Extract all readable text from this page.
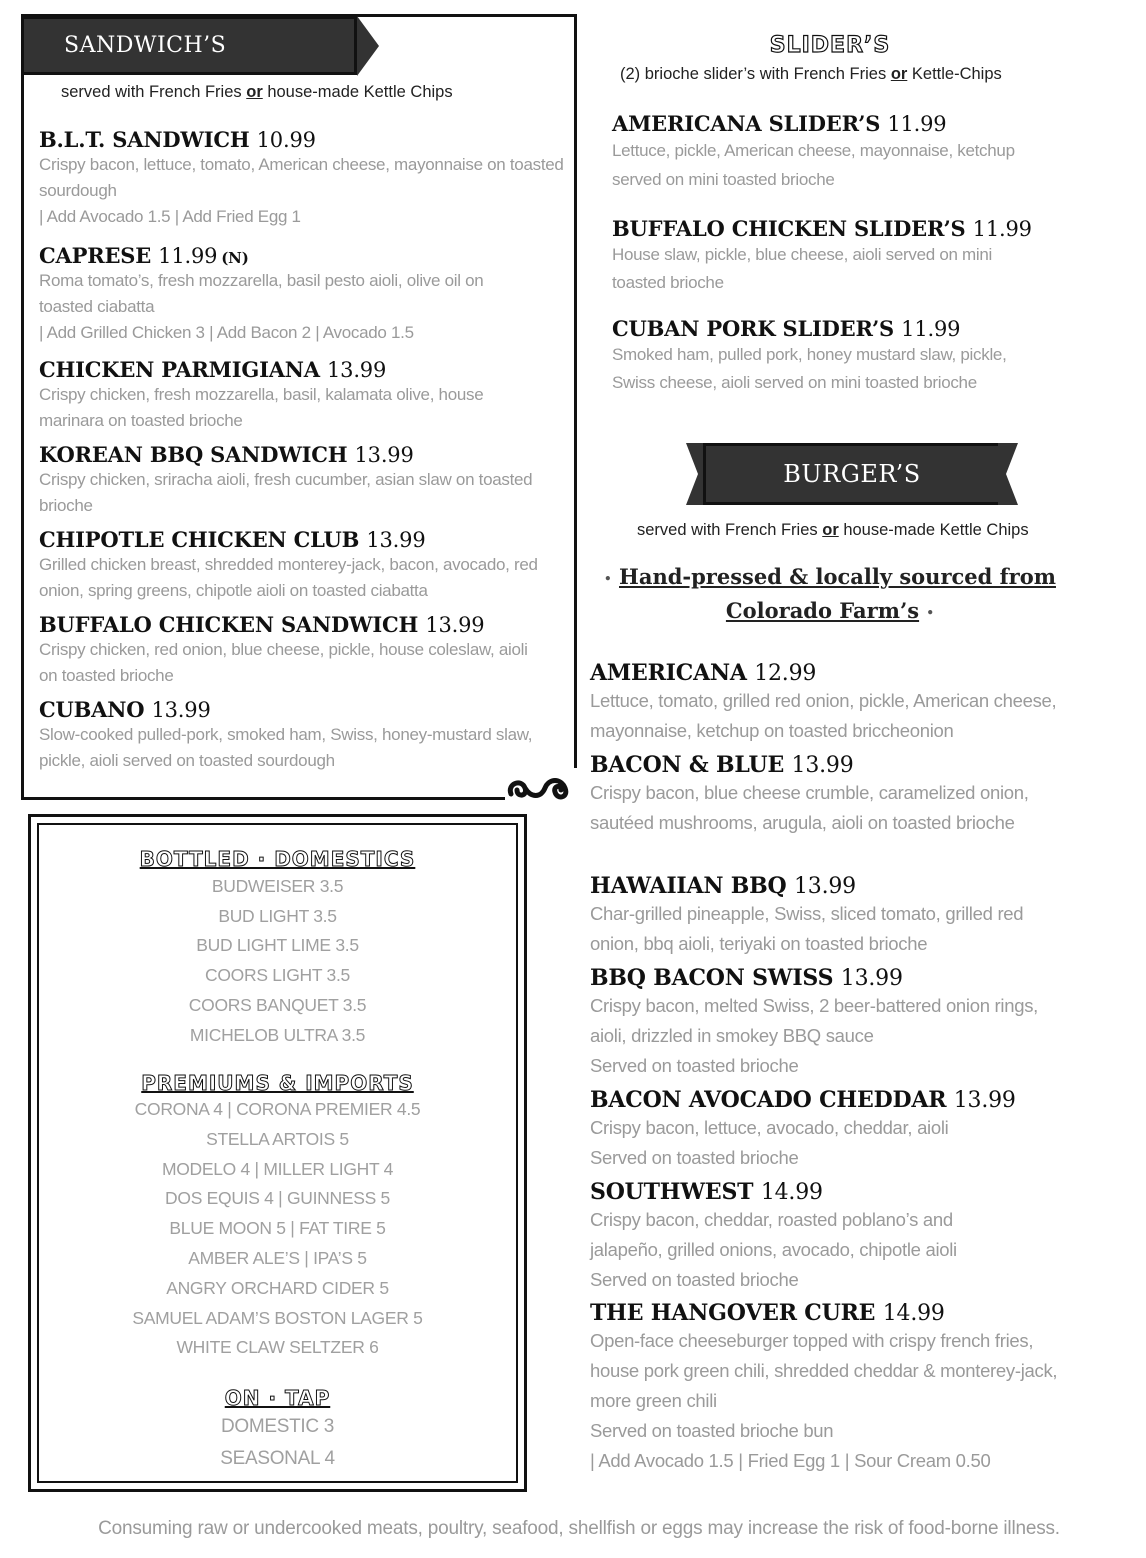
SANDWICH’S
served with French Fries or house-made Kettle Chips
B.L.T. SANDWICH 10.99
Crispy bacon, lettuce, tomato, American cheese, mayonnaise on toasted sourdough
| Add Avocado 1.5 | Add Fried Egg 1
CAPRESE 11.99 (N)
Roma tomato’s, fresh mozzarella, basil pesto aioli, olive oil on toasted ciabatta
| Add Grilled Chicken 3 | Add Bacon 2 | Avocado 1.5
CHICKEN PARMIGIANA 13.99
Crispy chicken, fresh mozzarella, basil, kalamata olive, house marinara on toasted brioche
KOREAN BBQ SANDWICH 13.99
Crispy chicken, sriracha aioli, fresh cucumber, asian slaw on toasted brioche
CHIPOTLE CHICKEN CLUB 13.99
Grilled chicken breast, shredded monterey-jack, bacon, avocado, red onion, spring greens, chipotle aioli on toasted ciabatta
BUFFALO CHICKEN SANDWICH 13.99
Crispy chicken, red onion, blue cheese, pickle, house coleslaw, aioli on toasted brioche
CUBANO 13.99
Slow-cooked pulled-pork, smoked ham, Swiss, honey-mustard slaw, pickle, aioli served on toasted sourdough
BOTTLED · DOMESTICS
BUDWEISER 3.5
BUD LIGHT 3.5
BUD LIGHT LIME 3.5
COORS LIGHT 3.5
COORS BANQUET 3.5
MICHELOB ULTRA 3.5
PREMIUMS & IMPORTS
CORONA 4 | CORONA PREMIER 4.5
STELLA ARTOIS 5
MODELO 4 | MILLER LIGHT 4
DOS EQUIS 4 | GUINNESS 5
BLUE MOON 5 | FAT TIRE 5
AMBER ALE’S | IPA’S 5
ANGRY ORCHARD CIDER 5
SAMUEL ADAM’S BOSTON LAGER 5
WHITE CLAW SELTZER 6
ON · TAP
DOMESTIC 3
SEASONAL 4
SLIDER’S
(2) brioche slider’s with French Fries or Kettle-Chips
AMERICANA SLIDER’S 11.99
Lettuce, pickle, American cheese, mayonnaise, ketchup served on mini toasted brioche
BUFFALO CHICKEN SLIDER’S 11.99
House slaw, pickle, blue cheese, aioli served on mini toasted brioche
CUBAN PORK SLIDER’S 11.99
Smoked ham, pulled pork, honey mustard slaw, pickle, Swiss cheese, aioli served on mini toasted brioche
BURGER’S
served with French Fries or house-made Kettle Chips
• Hand-pressed & locally sourced from
Colorado Farm’s •
AMERICANA 12.99
Lettuce, tomato, grilled red onion, pickle, American cheese, mayonnaise, ketchup on toasted briccheonion
BACON & BLUE 13.99
Crispy bacon, blue cheese crumble, caramelized onion, sautéed mushrooms, arugula, aioli on toasted brioche
HAWAIIAN BBQ 13.99
Char-grilled pineapple, Swiss, sliced tomato, grilled red onion, bbq aioli, teriyaki on toasted brioche
BBQ BACON SWISS 13.99
Crispy bacon, melted Swiss, 2 beer-battered onion rings, aioli, drizzled in smokey BBQ sauce
Served on toasted brioche
BACON AVOCADO CHEDDAR 13.99
Crispy bacon, lettuce, avocado, cheddar, aioli
Served on toasted brioche
SOUTHWEST 14.99
Crispy bacon, cheddar, roasted poblano’s and jalapeño, grilled onions, avocado, chipotle aioli
Served on toasted brioche
THE HANGOVER CURE 14.99
Open-face cheeseburger topped with crispy french fries, house pork green chili, shredded cheddar & monterey-jack, more green chili
Served on toasted brioche bun
| Add Avocado 1.5 | Fried Egg 1 | Sour Cream 0.50
Consuming raw or undercooked meats, poultry, seafood, shellfish or eggs may increase the risk of food-borne illness.
